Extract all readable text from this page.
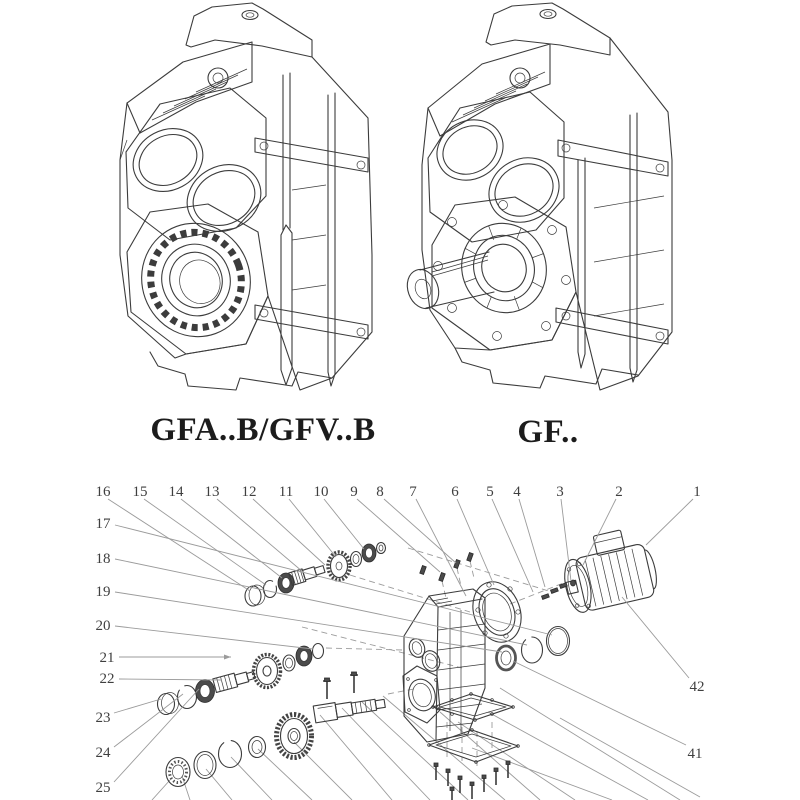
16 15 14 13 12 11 10 9 8 7 6 5 4 3	2	1
17
18
19
20
21
22
23
24
25
42
41
GFA..B/GFV..B	GF..
